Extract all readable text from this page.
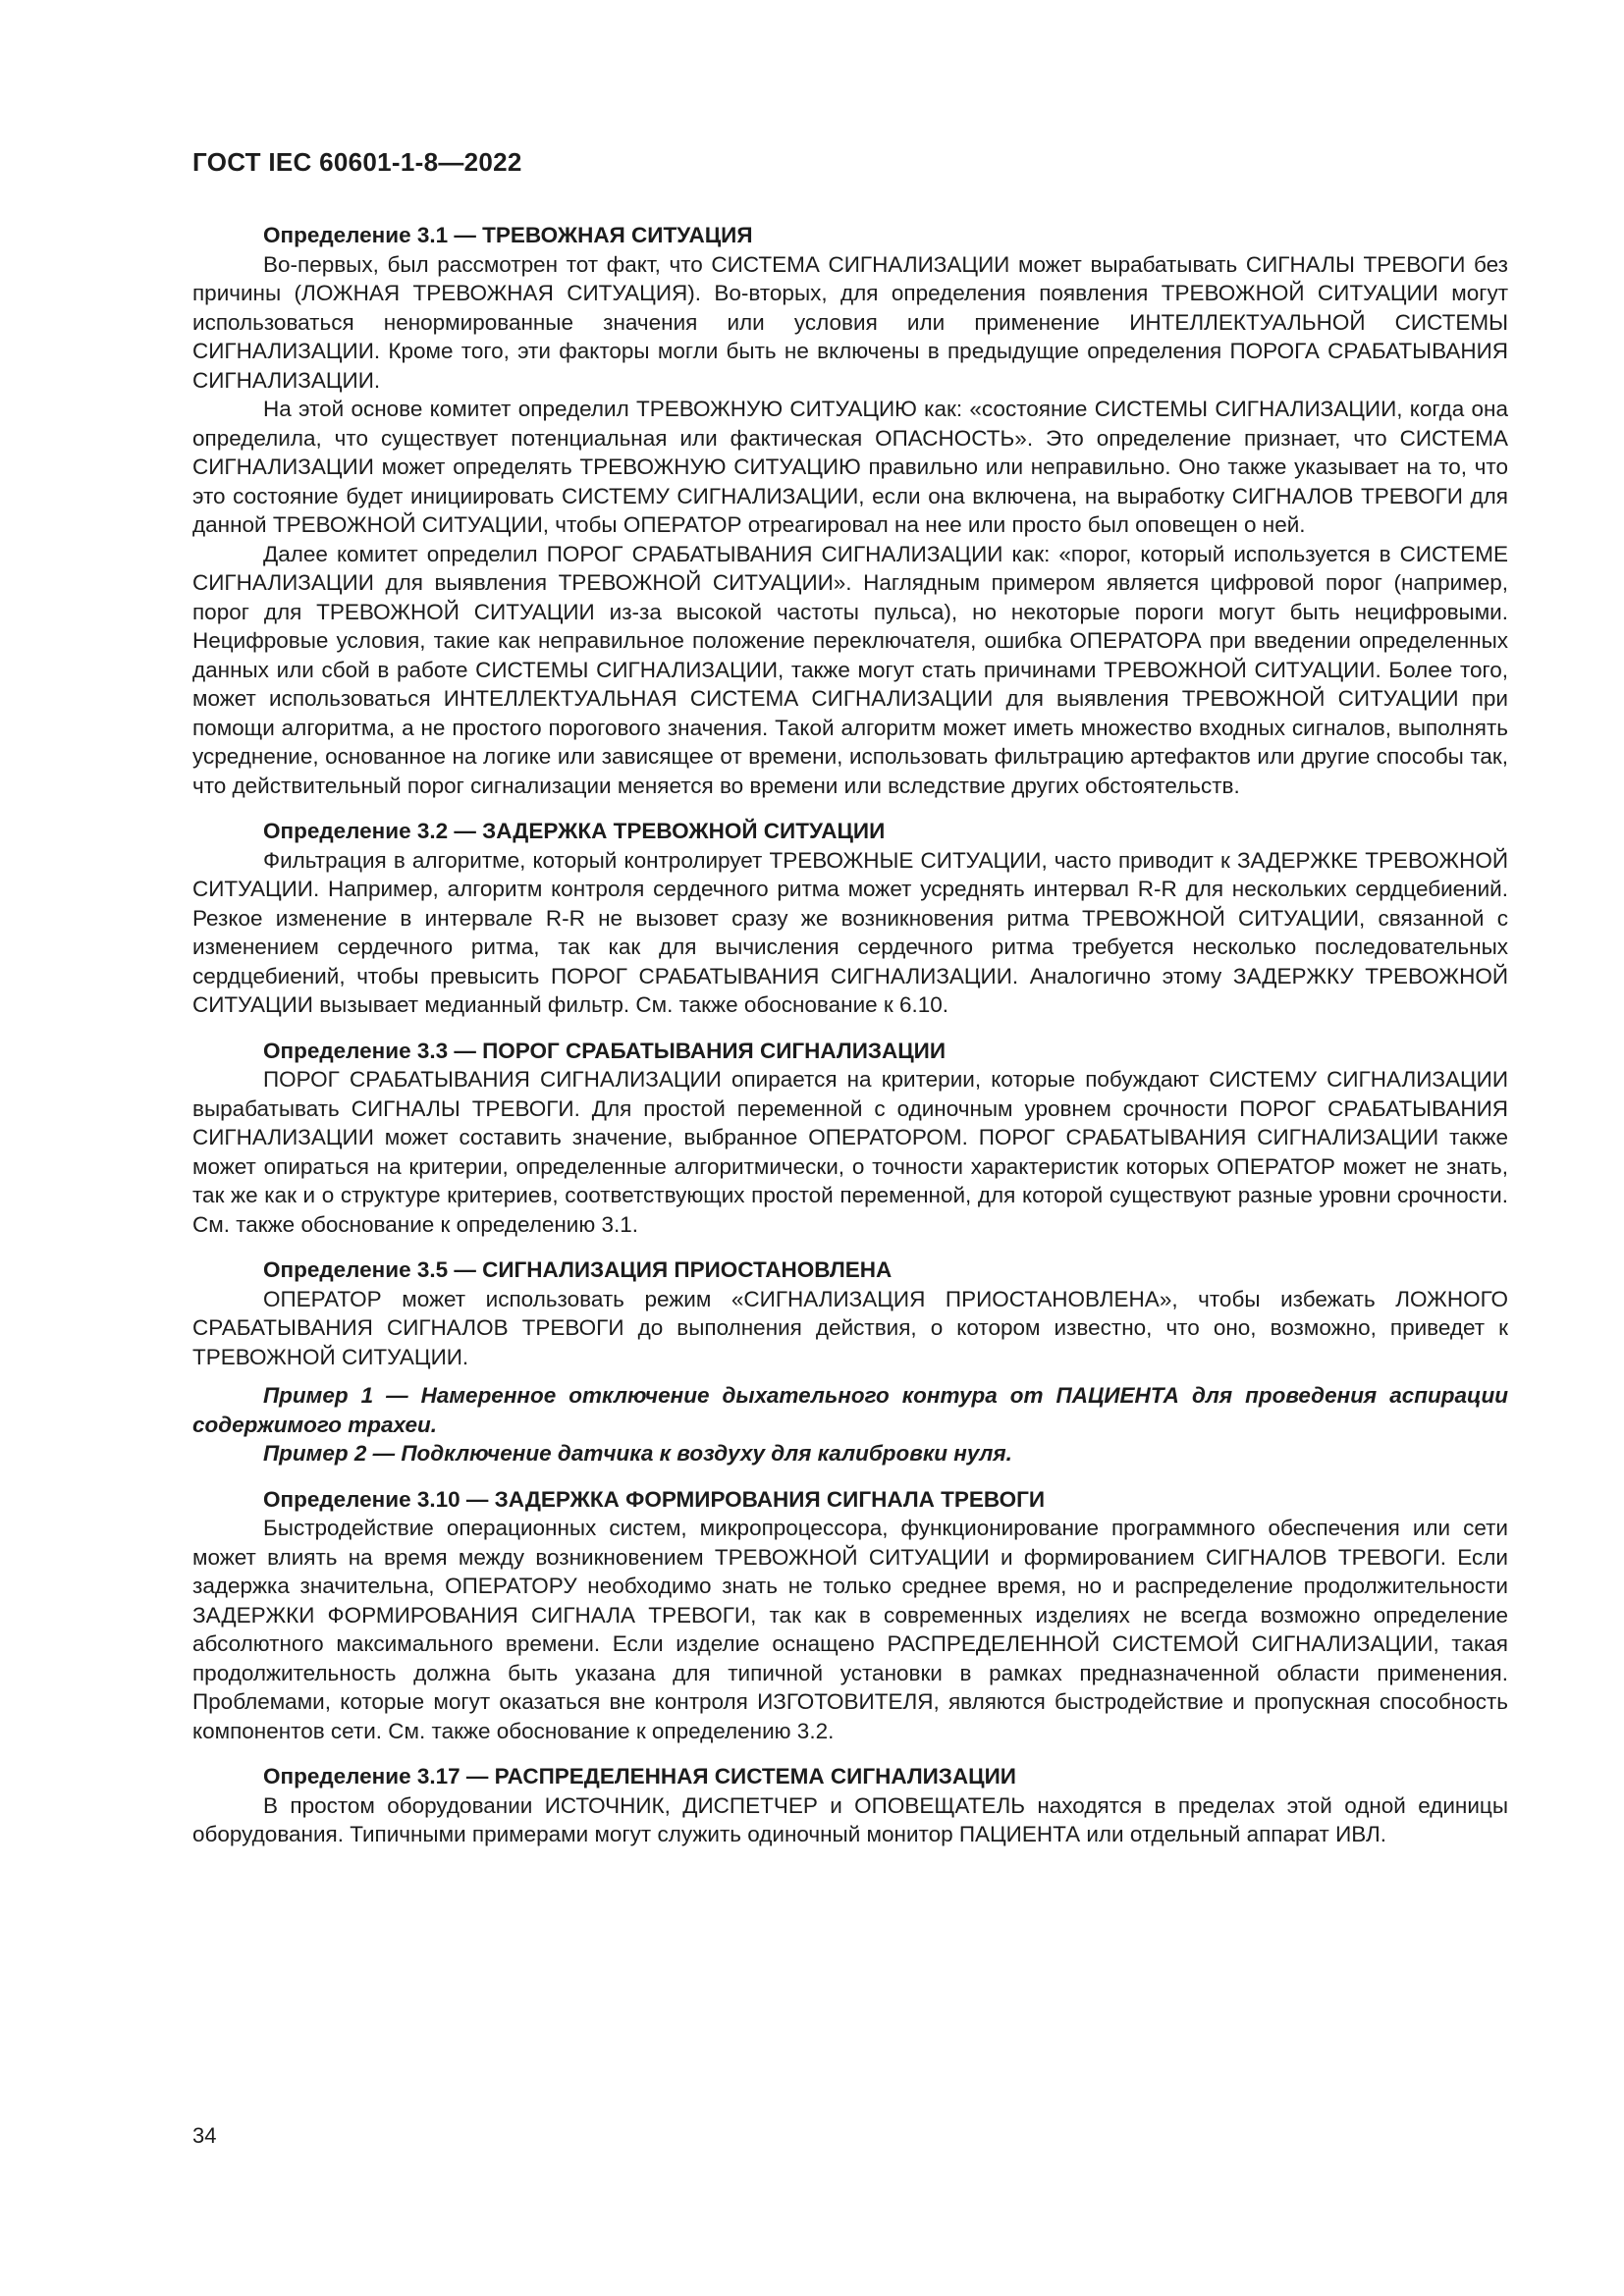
ГОСТ IEC 60601-1-8—2022

Определение 3.1 — ТРЕВОЖНАЯ СИТУАЦИЯ

Во-первых, был рассмотрен тот факт, что СИСТЕМА СИГНАЛИЗАЦИИ может вырабатывать СИГНАЛЫ ТРЕВОГИ без причины (ЛОЖНАЯ ТРЕВОЖНАЯ СИТУАЦИЯ). Во-вторых, для определения появления ТРЕВОЖНОЙ СИТУАЦИИ могут использоваться ненормированные значения или условия или применение ИНТЕЛЛЕКТУАЛЬНОЙ СИСТЕМЫ СИГНАЛИЗАЦИИ. Кроме того, эти факторы могли быть не включены в предыдущие определения ПОРОГА СРАБАТЫВАНИЯ СИГНАЛИЗАЦИИ.

На этой основе комитет определил ТРЕВОЖНУЮ СИТУАЦИЮ как: «состояние СИСТЕМЫ СИГНАЛИЗАЦИИ, когда она определила, что существует потенциальная или фактическая ОПАСНОСТЬ». Это определение признает, что СИСТЕМА СИГНАЛИЗАЦИИ может определять ТРЕВОЖНУЮ СИТУАЦИЮ правильно или неправильно. Оно также указывает на то, что это состояние будет инициировать СИСТЕМУ СИГНАЛИЗАЦИИ, если она включена, на выработку СИГНАЛОВ ТРЕВОГИ для данной ТРЕВОЖНОЙ СИТУАЦИИ, чтобы ОПЕРАТОР отреагировал на нее или просто был оповещен о ней.

Далее комитет определил ПОРОГ СРАБАТЫВАНИЯ СИГНАЛИЗАЦИИ как: «порог, который используется в СИСТЕМЕ СИГНАЛИЗАЦИИ для выявления ТРЕВОЖНОЙ СИТУАЦИИ». Наглядным примером является цифровой порог (например, порог для ТРЕВОЖНОЙ СИТУАЦИИ из-за высокой частоты пульса), но некоторые пороги могут быть нецифровыми. Нецифровые условия, такие как неправильное положение переключателя, ошибка ОПЕРАТОРА при введении определенных данных или сбой в работе СИСТЕМЫ СИГНАЛИЗАЦИИ, также могут стать причинами ТРЕВОЖНОЙ СИТУАЦИИ. Более того, может использоваться ИНТЕЛЛЕКТУАЛЬНАЯ СИСТЕМА СИГНАЛИЗАЦИИ для выявления ТРЕВОЖНОЙ СИТУАЦИИ при помощи алгоритма, а не простого порогового значения. Такой алгоритм может иметь множество входных сигналов, выполнять усреднение, основанное на логике или зависящее от времени, использовать фильтрацию артефактов или другие способы так, что действительный порог сигнализации меняется во времени или вследствие других обстоятельств.

Определение 3.2 — ЗАДЕРЖКА ТРЕВОЖНОЙ СИТУАЦИИ

Фильтрация в алгоритме, который контролирует ТРЕВОЖНЫЕ СИТУАЦИИ, часто приводит к ЗАДЕРЖКЕ ТРЕВОЖНОЙ СИТУАЦИИ. Например, алгоритм контроля сердечного ритма может усреднять интервал R-R для нескольких сердцебиений. Резкое изменение в интервале R-R не вызовет сразу же возникновения ритма ТРЕВОЖНОЙ СИТУАЦИИ, связанной с изменением сердечного ритма, так как для вычисления сердечного ритма требуется несколько последовательных сердцебиений, чтобы превысить ПОРОГ СРАБАТЫВАНИЯ СИГНАЛИЗАЦИИ. Аналогично этому ЗАДЕРЖКУ ТРЕВОЖНОЙ СИТУАЦИИ вызывает медианный фильтр. См. также обоснование к 6.10.

Определение 3.3 — ПОРОГ СРАБАТЫВАНИЯ СИГНАЛИЗАЦИИ

ПОРОГ СРАБАТЫВАНИЯ СИГНАЛИЗАЦИИ опирается на критерии, которые побуждают СИСТЕМУ СИГНАЛИЗАЦИИ вырабатывать СИГНАЛЫ ТРЕВОГИ. Для простой переменной с одиночным уровнем срочности ПОРОГ СРАБАТЫВАНИЯ СИГНАЛИЗАЦИИ может составить значение, выбранное ОПЕРАТОРОМ. ПОРОГ СРАБАТЫВАНИЯ СИГНАЛИЗАЦИИ также может опираться на критерии, определенные алгоритмически, о точности характеристик которых ОПЕРАТОР может не знать, так же как и о структуре критериев, соответствующих простой переменной, для которой существуют разные уровни срочности. См. также обоснование к определению 3.1.

Определение 3.5 — СИГНАЛИЗАЦИЯ ПРИОСТАНОВЛЕНА

ОПЕРАТОР может использовать режим «СИГНАЛИЗАЦИЯ ПРИОСТАНОВЛЕНА», чтобы избежать ЛОЖНОГО СРАБАТЫВАНИЯ СИГНАЛОВ ТРЕВОГИ до выполнения действия, о котором известно, что оно, возможно, приведет к ТРЕВОЖНОЙ СИТУАЦИИ.

Пример 1 — Намеренное отключение дыхательного контура от ПАЦИЕНТА для проведения аспирации содержимого трахеи.

Пример 2 — Подключение датчика к воздуху для калибровки нуля.

Определение 3.10 — ЗАДЕРЖКА ФОРМИРОВАНИЯ СИГНАЛА ТРЕВОГИ

Быстродействие операционных систем, микропроцессора, функционирование программного обеспечения или сети может влиять на время между возникновением ТРЕВОЖНОЙ СИТУАЦИИ и формированием СИГНАЛОВ ТРЕВОГИ. Если задержка значительна, ОПЕРАТОРУ необходимо знать не только среднее время, но и распределение продолжительности ЗАДЕРЖКИ ФОРМИРОВАНИЯ СИГНАЛА ТРЕВОГИ, так как в современных изделиях не всегда возможно определение абсолютного максимального времени. Если изделие оснащено РАСПРЕДЕЛЕННОЙ СИСТЕМОЙ СИГНАЛИЗАЦИИ, такая продолжительность должна быть указана для типичной установки в рамках предназначенной области применения. Проблемами, которые могут оказаться вне контроля ИЗГОТОВИТЕЛЯ, являются быстродействие и пропускная способность компонентов сети. См. также обоснование к определению 3.2.

Определение 3.17 — РАСПРЕДЕЛЕННАЯ СИСТЕМА СИГНАЛИЗАЦИИ

В простом оборудовании ИСТОЧНИК, ДИСПЕТЧЕР и ОПОВЕЩАТЕЛЬ находятся в пределах этой одной единицы оборудования. Типичными примерами могут служить одиночный монитор ПАЦИЕНТА или отдельный аппарат ИВЛ.

34
